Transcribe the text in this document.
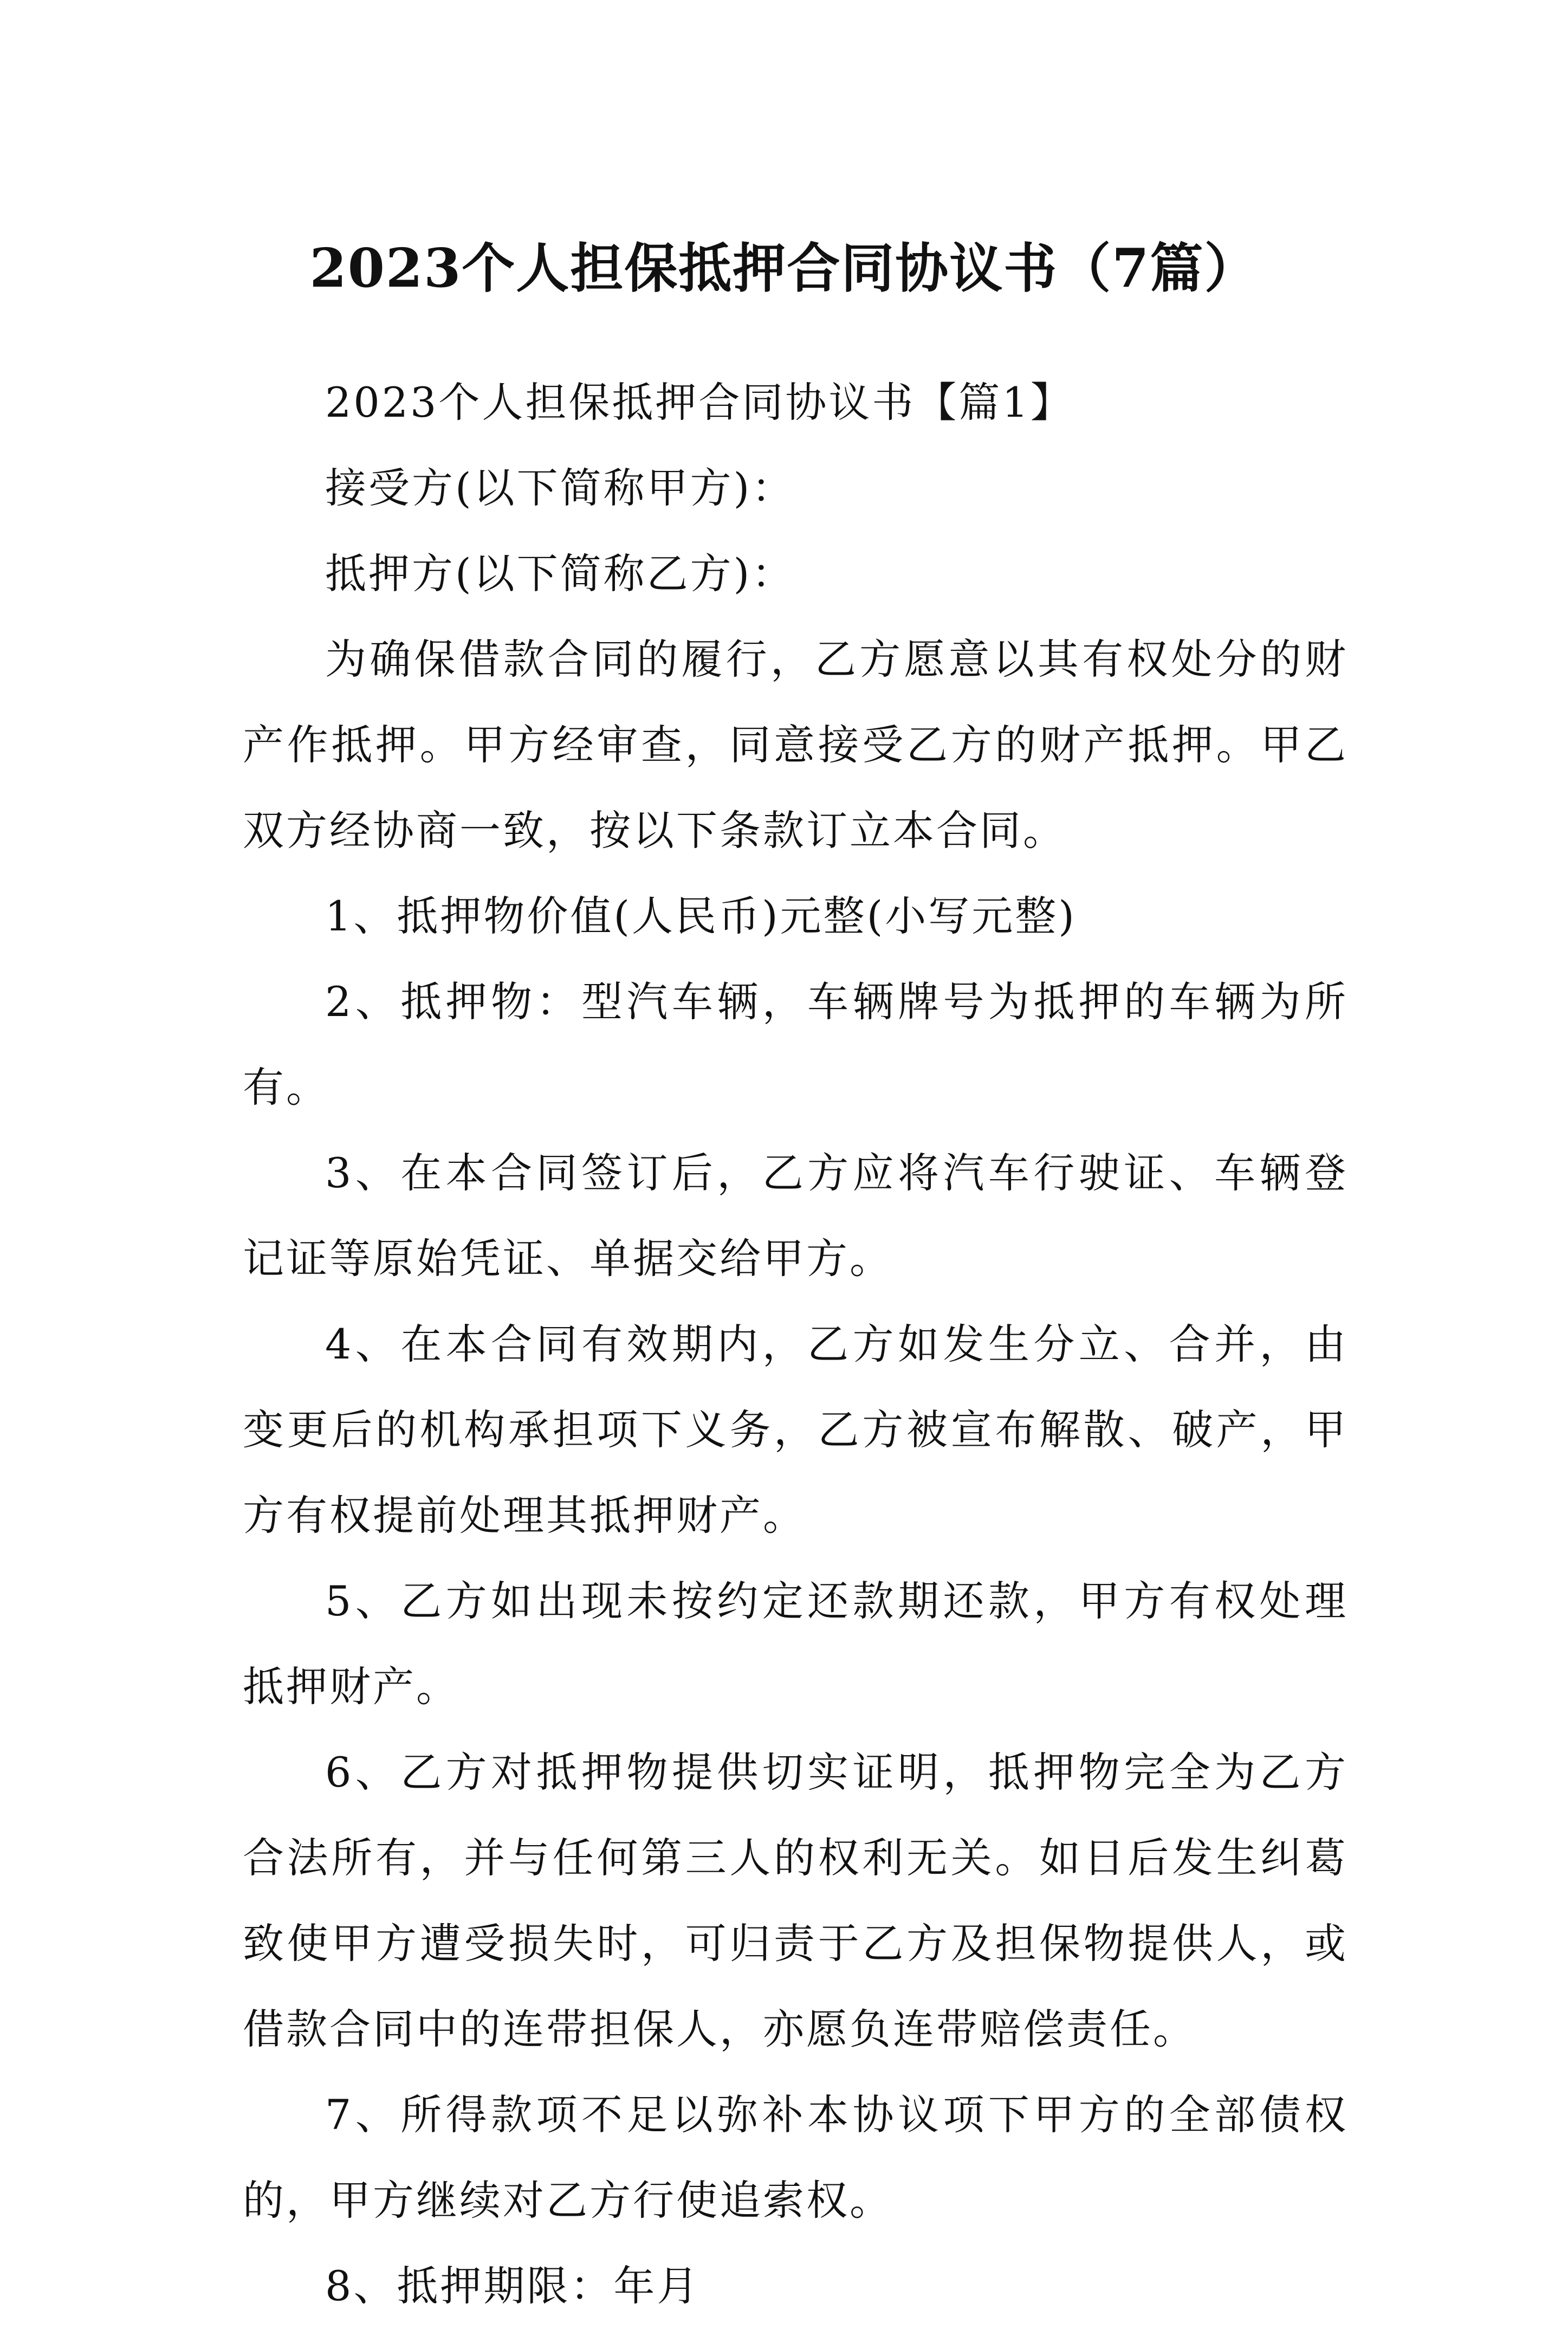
2023个人担保抵押合同协议书（7篇）

2023个人担保抵押合同协议书【篇1】

接受方(以下简称甲方)：

抵押方(以下简称乙方)：

为确保借款合同的履行，乙方愿意以其有权处分的财产作抵押。甲方经审查，同意接受乙方的财产抵押。甲乙双方经协商一致，按以下条款订立本合同。

1、抵押物价值(人民币)元整(小写元整)

2、抵押物：型汽车辆，车辆牌号为抵押的车辆为所有。

3、在本合同签订后，乙方应将汽车行驶证、车辆登记证等原始凭证、单据交给甲方。

4、在本合同有效期内，乙方如发生分立、合并，由变更后的机构承担项下义务，乙方被宣布解散、破产，甲方有权提前处理其抵押财产。

5、乙方如出现未按约定还款期还款，甲方有权处理抵押财产。

6、乙方对抵押物提供切实证明，抵押物完全为乙方合法所有，并与任何第三人的权利无关。如日后发生纠葛致使甲方遭受损失时，可归责于乙方及担保物提供人，或借款合同中的连带担保人，亦愿负连带赔偿责任。

7、所得款项不足以弥补本协议项下甲方的全部债权的，甲方继续对乙方行使追索权。

8、抵押期限：年月
